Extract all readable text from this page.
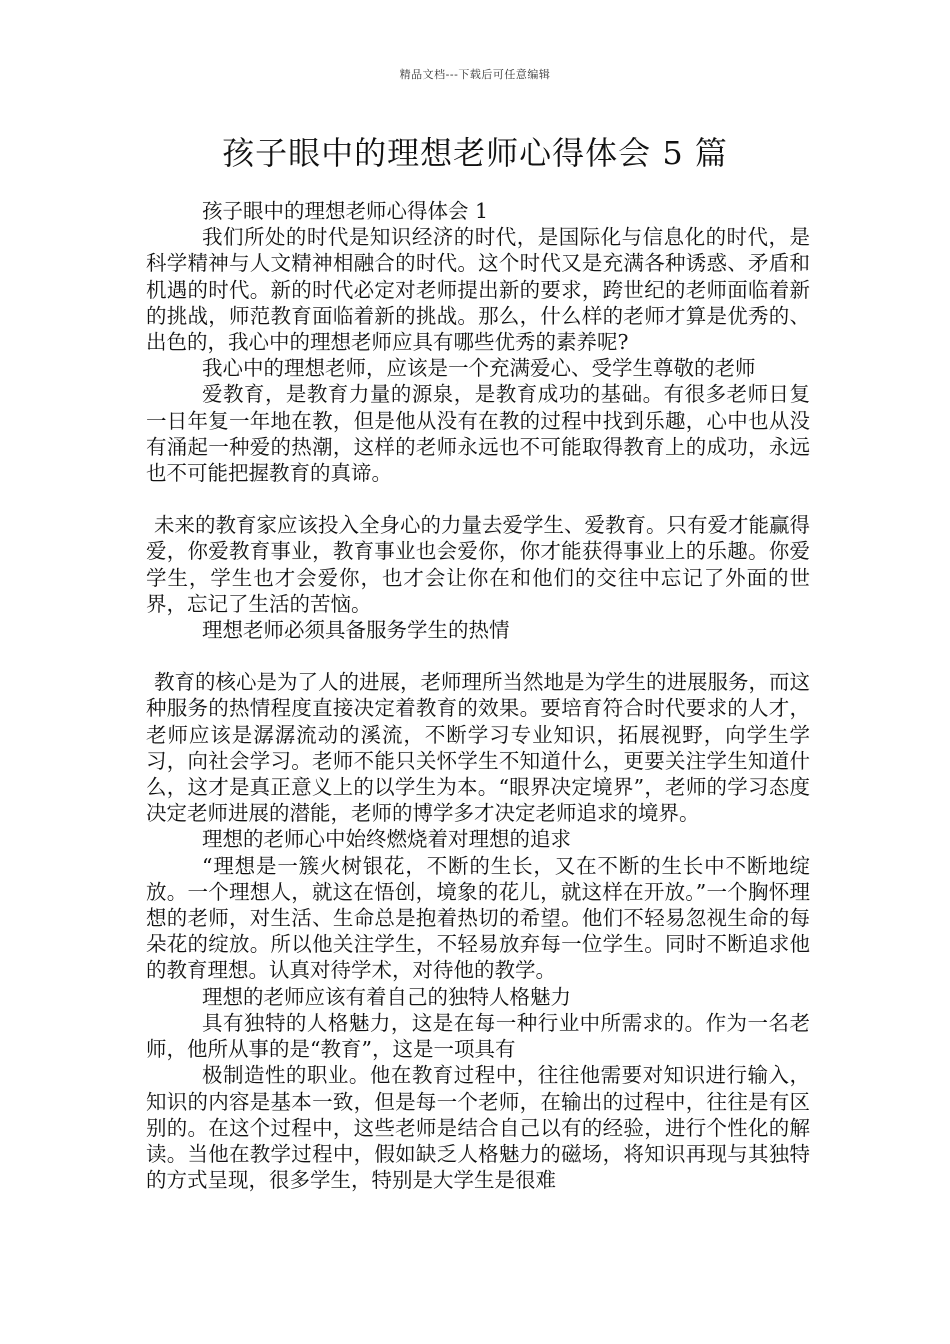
精品文档---下载后可任意编辑
孩子眼中的理想老师心得体会 5 篇

孩子眼中的理想老师心得体会 1

我们所处的时代是知识经济的时代，是国际化与信息化的时代，是科学精神与人文精神相融合的时代。这个时代又是充满各种诱惑、矛盾和机遇的时代。新的时代必定对老师提出新的要求，跨世纪的老师面临着新的挑战，师范教育面临着新的挑战。那么，什么样的老师才算是优秀的、出色的，我心中的理想老师应具有哪些优秀的素养呢?

我心中的理想老师，应该是一个充满爱心、受学生尊敬的老师

爱教育，是教育力量的源泉，是教育成功的基础。有很多老师日复一日年复一年地在教，但是他从没有在教的过程中找到乐趣，心中也从没有涌起一种爱的热潮，这样的老师永远也不可能取得教育上的成功，永远也不可能把握教育的真谛。

未来的教育家应该投入全身心的力量去爱学生、爱教育。只有爱才能赢得爱，你爱教育事业，教育事业也会爱你，你才能获得事业上的乐趣。你爱学生，学生也才会爱你，也才会让你在和他们的交往中忘记了外面的世界，忘记了生活的苦恼。

理想老师必须具备服务学生的热情

教育的核心是为了人的进展，老师理所当然地是为学生的进展服务，而这种服务的热情程度直接决定着教育的效果。要培育符合时代要求的人才，老师应该是潺潺流动的溪流，不断学习专业知识，拓展视野，向学生学习，向社会学习。老师不能只关怀学生不知道什么，更要关注学生知道什么，这才是真正意义上的以学生为本。“眼界决定境界”，老师的学习态度决定老师进展的潜能，老师的博学多才决定老师追求的境界。

理想的老师心中始终燃烧着对理想的追求

“理想是一簇火树银花，不断的生长，又在不断的生长中不断地绽放。一个理想人，就这在悟创，境象的花儿，就这样在开放。”一个胸怀理想的老师，对生活、生命总是抱着热切的希望。他们不轻易忽视生命的每朵花的绽放。所以他关注学生，不轻易放弃每一位学生。同时不断追求他的教育理想。认真对待学术，对待他的教学。

理想的老师应该有着自己的独特人格魅力

具有独特的人格魅力，这是在每一种行业中所需求的。作为一名老师，他所从事的是“教育”，这是一项具有

极制造性的职业。他在教育过程中，往往他需要对知识进行输入，知识的内容是基本一致，但是每一个老师，在输出的过程中，往往是有区别的。在这个过程中，这些老师是结合自己以有的经验，进行个性化的解读。当他在教学过程中，假如缺乏人格魅力的磁场，将知识再现与其独特的方式呈现，很多学生，特别是大学生是很难
